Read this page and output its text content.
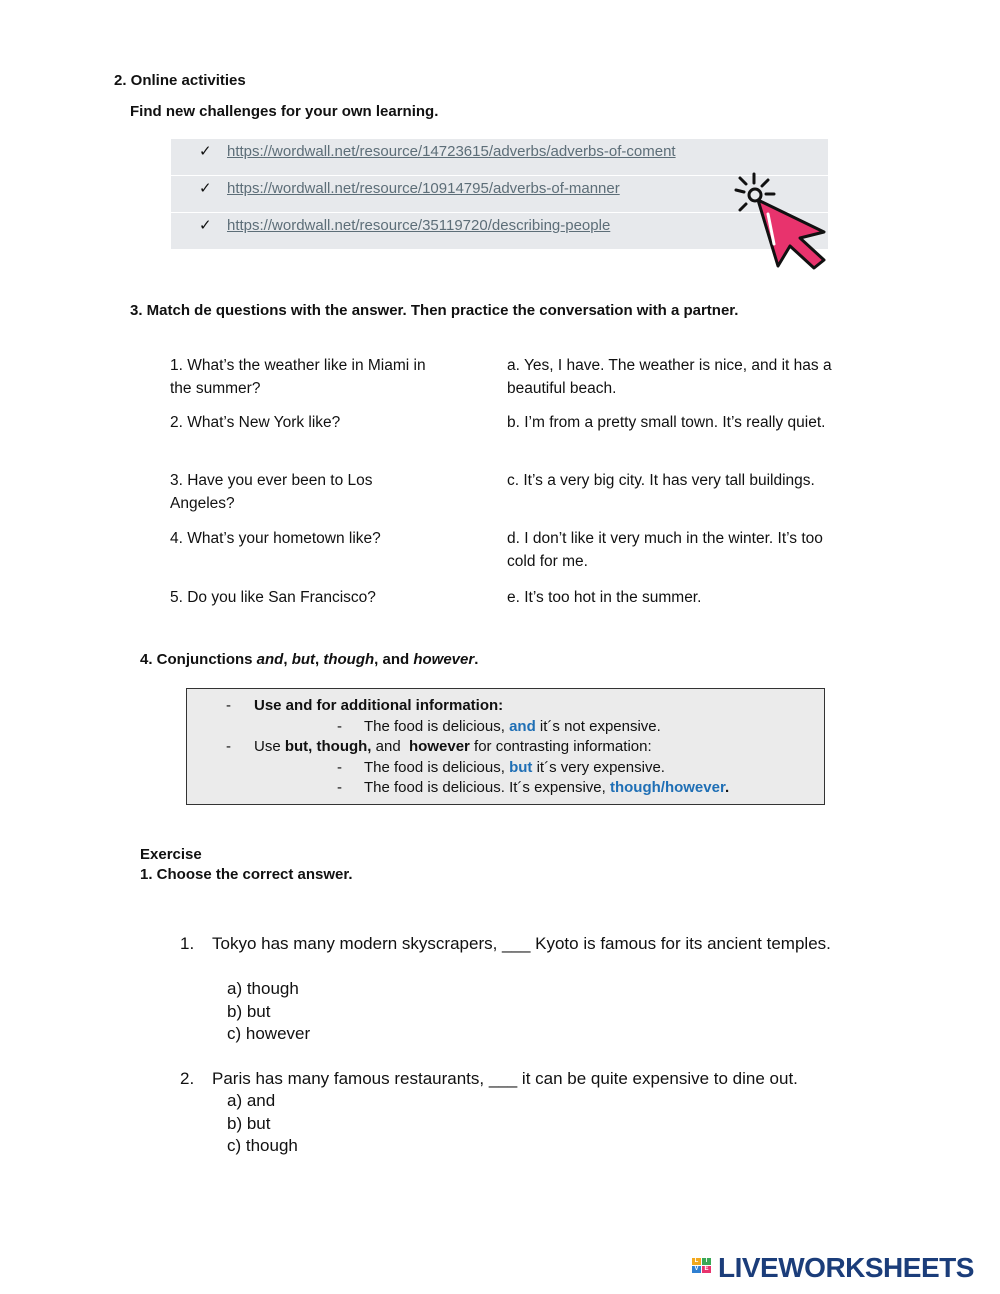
2. Online activities
Find new challenges for your own learning.
✓ https://wordwall.net/resource/14723615/adverbs/adverbs-of-coment
✓ https://wordwall.net/resource/10914795/adverbs-of-manner
✓ https://wordwall.net/resource/35119720/describing-people
3. Match de questions with the answer. Then practice the conversation with a partner.
1. What’s the weather like in Miami in the summer?
2. What’s New York like?
3. Have you ever been to Los Angeles?
4. What’s your hometown like?
5. Do you like San Francisco?
a. Yes, I have. The weather is nice, and it has a beautiful beach.
b. I’m from a pretty small town. It’s really quiet.
c. It’s a very big city. It has very tall buildings.
d. I don’t like it very much in the winter. It’s too cold for me.
e. It’s too hot in the summer.
4. Conjunctions and, but, though, and however.
- Use and for additional information:
- The food is delicious, and it´s not expensive.
- Use but, though, and  however for contrasting information:
- The food is delicious, but it´s very expensive.
- The food is delicious. It´s expensive, though/however.
Exercise
1. Choose the correct answer.
1. Tokyo has many modern skyscrapers, ___ Kyoto is famous for its ancient temples.
a) though
b) but
c) however
2. Paris has many famous restaurants, ___ it can be quite expensive to dine out.
a) and
b) but
c) though
L	I
V E LIVEWORKSHEETS
